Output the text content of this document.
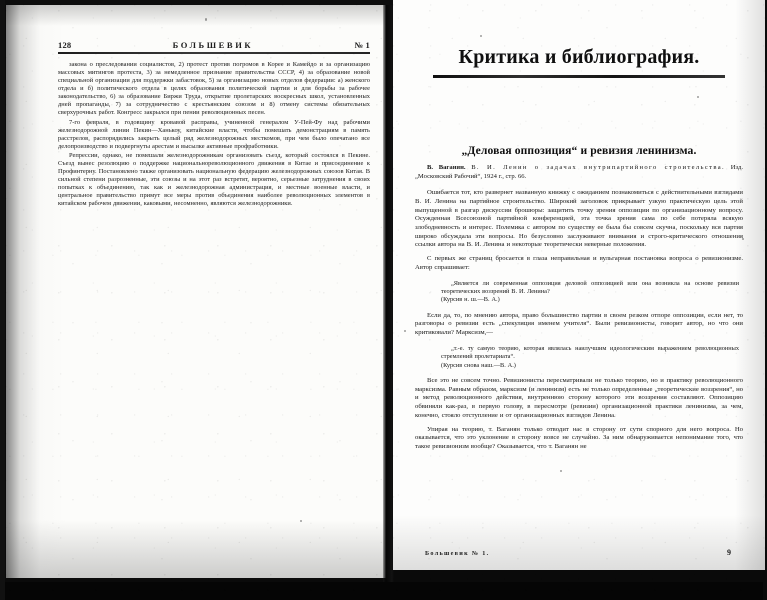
128	БОЛЬШЕВИК	№ 1

закона о преследовании социалистов, 2) протест против погромов в Корее и Камейдо и за организацию массовых митингов протеста, 3) за немедленное признание правительства СССР, 4) за образование новой специальной организации для поддержки забастовок, 5) за организацию новых отделов федерации: а) женского отдела и б) политического отдела в целях образования политической партии и для борьбы за рабочее законодательство, 6) за образование Биржи Труда, открытие пролетарских воскресных школ, установленных дней пропаганды, 7) за сотрудничество с крестьянским союзом и 8) отмену системы обязательных сверхурочных работ. Конгресс закрылся при пении революционных песен.

7-го февраля, в годовщину кровавой расправы, учиненной генералом У-Пей-Фу над рабочими железнодорожной линии Пекин—Ханькоу, китайские власти, чтобы помешать демонстрациям в память расстрелов, распорядились закрыть целый ряд железнодорожных месткомов, при чем было опечатано все делопроизводство и подвергнуты арестам и высылке активные профработники.

Репрессии, однако, не помешали железнодорожникам организовать съезд, который состоялся в Пекине. Съезд вынес резолюцию о поддержке национальнореволюционного движения в Китае и присоединение к Профинтерну. Постановлено также организовать национальную федерацию железнодорожных союзов Китая. В сильной степени разрозненные, эти союзы и на этот раз встретят, вероятно, серьезные затруднения в своих попытках к объединению, так как и железнодорожная администрация, и местные военные власти, и центральное правительство примут все меры против объединения наиболее революционных элементов в китайском рабочем движении, каковыми, несомненно, являются железнодорожники.

Критика и библиография.
„Деловая оппозиция“ и ревизия ленинизма.
В. Ваганян. В. И. Ленин о задачах внутрипартийного строительства. Изд. „Московский Рабочий“, 1924 г., стр. 66.

Ошибается тот, кто развернет названную книжку с ожиданием познакомиться с действительными взглядами В. И. Ленина на партийное строительство. Широкий заголовок прикрывает узкую практическую цель этой выпущенной в разгар дискуссии брошюры: защитить точку зрения оппозиции по организационному вопросу. Осужденная Всесоюзной партийной конференцией, эта точка зрения сама по себе потеряла всякую злободневность и интерес. Полемика с автором по существу ее была бы совсем скучна, поскольку вся партия широко обсуждала эти вопросы. Но безусловно заслуживают внимания и строго-критического отношения ссылки автора на В. И. Ленина и некоторые теоретически неверные положения.

С первых же страниц бросается в глаза неправильная и вульгарная постановка вопроса о ревизионизме. Автор спрашивает:

„Является ли современная оппозиция деловой оппозицией или она возникла на основе ревизии теоретических воззрений В. И. Ленина?
(Курсив н. ш.—В. А.)

Если да, то, по мнению автора, право большинство партии в своем резком отпоре оппозиции, если нет, то разговоры о ревизии есть „спекуляция именем учителя“. Были ревизионисты, говорит автор, но что они критиковали? Марксизм,—

„т.-е. ту самую теорию, которая являлась наилучшим идеологическим выражением революционных стремлений пролетариата“.
(Курсив снова наш.—В. А.)

Все это не совсем точно. Ревизионисты пересматривали не только теорию, но и практику революционного марксизма. Равным образом, марксизм (и ленинизм) есть не только определенные „теоретические воззрения“, но и метод революционного действия, внутреннюю сторону которого эти воззрения составляют. Оппозицию обвиняли как-раз, в первую голову, в пересмотре (ревизии) организационной практики ленинизма, за чем, конечно, стояло отступление и от организационных взглядов Ленина.

Упирая на теорию, т. Ваганян только отводит нас в сторону от сути спорного для него вопроса. Но оказывается, что это уклонение в сторону вовсе не случайно. За ним обнаруживается непонимание того, что такое ревизионизм вообще? Оказывается, что т. Ваганян не

Большевик № 1.	9
